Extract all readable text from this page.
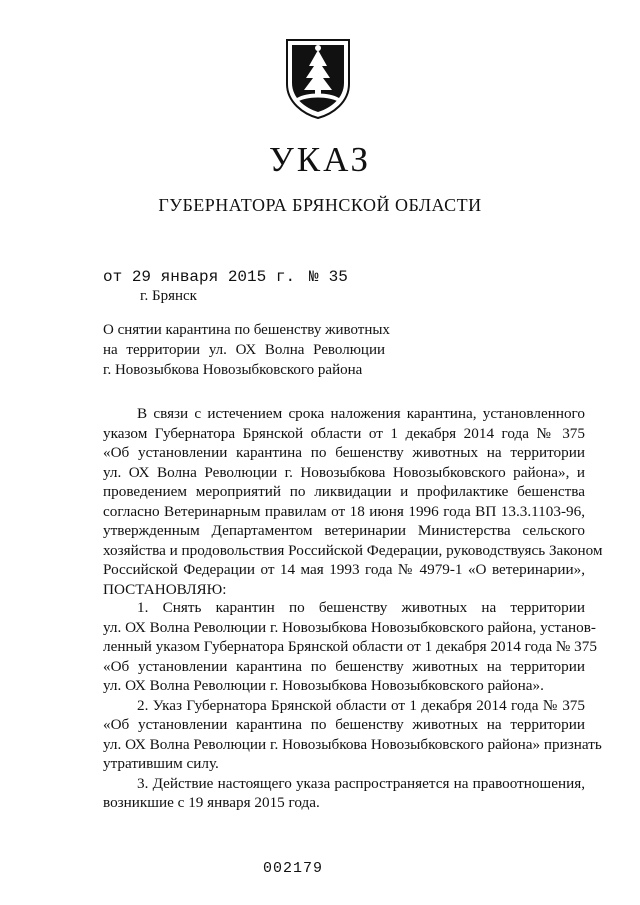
УКАЗ
ГУБЕРНАТОРА БРЯНСКОЙ ОБЛАСТИ
от 29 января 2015 г. № 35
г. Брянск
О снятии карантина по бешенству животных
на территории ул. ОХ Волна Революции
г. Новозыбкова Новозыбковского района
В связи с истечением срока наложения карантина, установленного
указом Губернатора Брянской области от 1 декабря 2014 года № 375
«Об установлении карантина по бешенству животных на территории
ул. ОХ Волна Революции г. Новозыбкова Новозыбковского района», и
проведением мероприятий по ликвидации и профилактике бешенства
согласно Ветеринарным правилам от 18 июня 1996 года ВП 13.3.1103-96,
утвержденным Департаментом ветеринарии Министерства сельского
хозяйства и продовольствия Российской Федерации, руководствуясь Законом
Российской Федерации от 14 мая 1993 года № 4979-1 «О ветеринарии»,
ПОСТАНОВЛЯЮ:
1. Снять карантин по бешенству животных на территории
ул. ОХ Волна Революции г. Новозыбкова Новозыбковского района, установ-
ленный указом Губернатора Брянской области от 1 декабря 2014 года № 375
«Об установлении карантина по бешенству животных на территории
ул. ОХ Волна Революции г. Новозыбкова Новозыбковского района».
2. Указ Губернатора Брянской области от 1 декабря 2014 года № 375
«Об установлении карантина по бешенству животных на территории
ул. ОХ Волна Революции г. Новозыбкова Новозыбковского района» признать
утратившим силу.
3. Действие настоящего указа распространяется на правоотношения,
возникшие с 19 января 2015 года.
002179
